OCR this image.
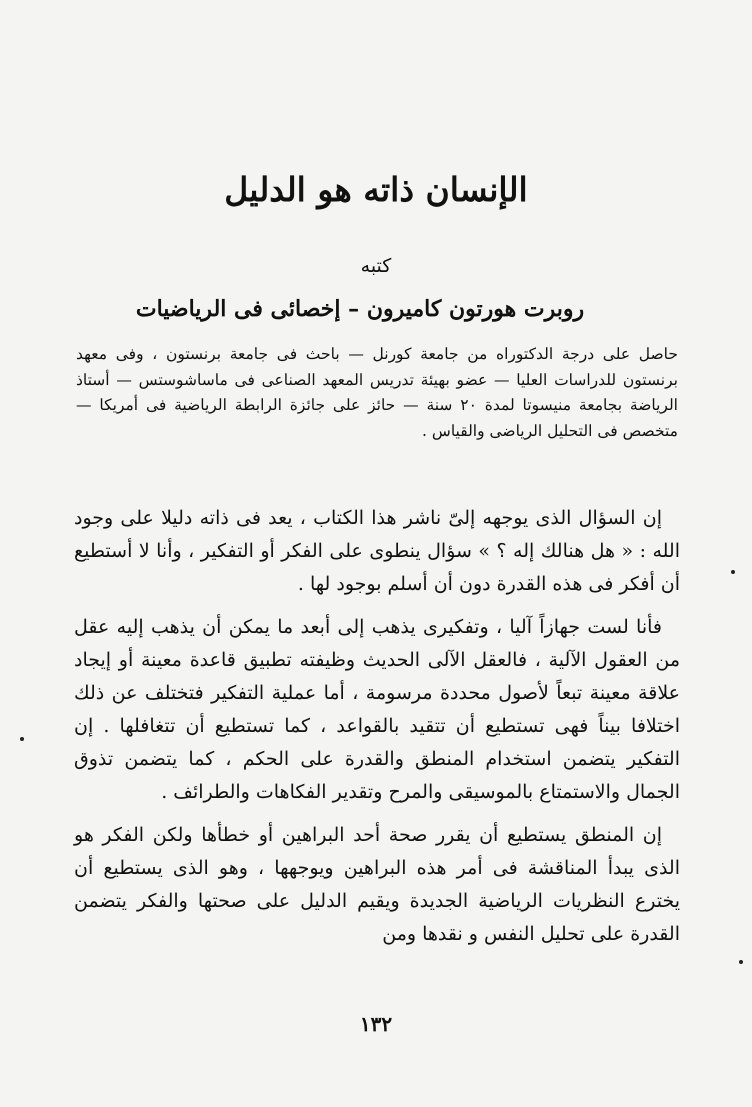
الإنسان ذاته هو الدليل
كتبه
روبرت هورتون كاميرون – إخصائى فى الرياضيات
حاصل على درجة الدكتوراه من جامعة كورنل — باحث فى جامعة برنستون ، وفى معهد برنستون للدراسات العليا — عضو بهيئة تدريس المعهد الصناعى فى ماساشوستس — أستاذ الرياضة بجامعة منيسوتا لمدة ٢٠ سنة — حائز على جائزة الرابطة الرياضية فى أمريكا — متخصص فى التحليل الرياضى والقياس .

إن السؤال الذى يوجهه إلىّ ناشر هذا الكتاب ، يعد فى ذاته دليلا على وجود الله : « هل هنالك إله ؟ » سؤال ينطوى على الفكر أو التفكير ، وأنا لا أستطيع أن أفكر فى هذه القدرة دون أن أسلم بوجود لها .

فأنا لست جهازاً آليا ، وتفكيرى يذهب إلى أبعد ما يمكن أن يذهب إليه عقل من العقول الآلية ، فالعقل الآلى الحديث وظيفته تطبيق قاعدة معينة أو إيجاد علاقة معينة تبعاً لأصول محددة مرسومة ، أما عملية التفكير فتختلف عن ذلك اختلافا بيناً فهى تستطيع أن تتقيد بالقواعد ، كما تستطيع أن تتغافلها . إن التفكير يتضمن استخدام المنطق والقدرة على الحكم ، كما يتضمن تذوق الجمال والاستمتاع بالموسيقى والمرح وتقدير الفكاهات والطرائف .

إن المنطق يستطيع أن يقرر صحة أحد البراهين أو خطأها ولكن الفكر هو الذى يبدأ المناقشة فى أمر هذه البراهين ويوجهها ، وهو الذى يستطيع أن يخترع النظريات الرياضية الجديدة ويقيم الدليل على صحتها والفكر يتضمن القدرة على تحليل النفس و نقدها ومن

١٣٢
